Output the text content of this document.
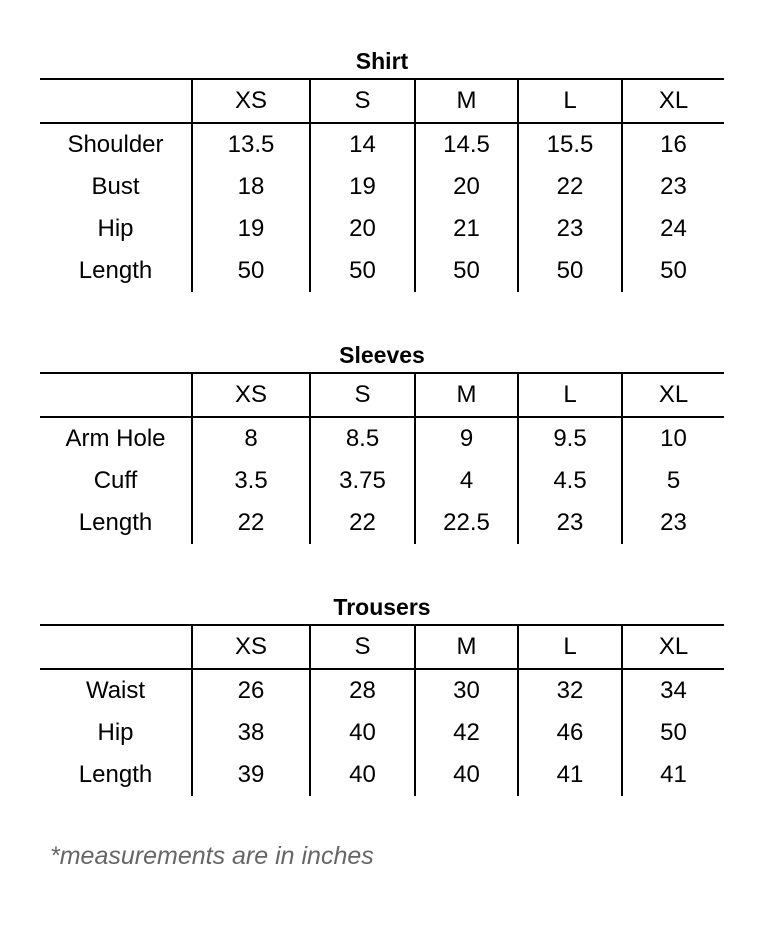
Shirt
XS	S	M	L	XL
Shoulder	13.5	14	14.5	15.5	16
Bust	18	19	20	22	23
Hip	19	20	21	23	24
Length	50	50	50	50	50
Sleeves
XS	S	M	L	XL
Arm Hole	8	8.5	9	9.5	10
Cuff	3.5	3.75	4	4.5	5
Length	22	22	22.5	23	23
Trousers
XS	S	M	L	XL
Waist	26	28	30	32	34
Hip	38	40	42	46	50
Length	39	40	40	41	41
*measurements are in inches
